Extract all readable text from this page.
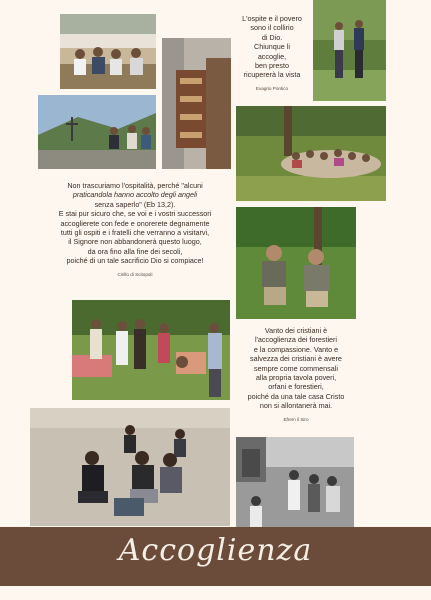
L'ospite e il povero
sono il collirio
di Dio.
Chiunque li
accoglie,
ben presto
ricupererà la vista
Evagrio Pontico
Non trascuriamo l'ospitalità, perché "alcuni
praticandola hanno accolto degli angeli
senza saperlo" (Eb 13,2).
E stai pur sicuro che, se voi e i vostri successori
accoglierete con fede e onorerete degnamente
tutti gli ospiti e i fratelli che verranno a visitarvi,
il Signore non abbandonerà questo luogo,
da ora fino alla fine dei secoli,
poiché di un tale sacrificio Dio si compiace!
Cirillo di Scitopoli
Vanto dei cristiani è
l'accoglienza dei forestieri
e la compassione. Vanto e
salvezza dei cristiani è avere
sempre come commensali
alla propria tavola poveri,
orfani e forestieri,
poiché da una tale casa Cristo
non si allontanerà mai.
Efrem il Siro
Accoglienza
